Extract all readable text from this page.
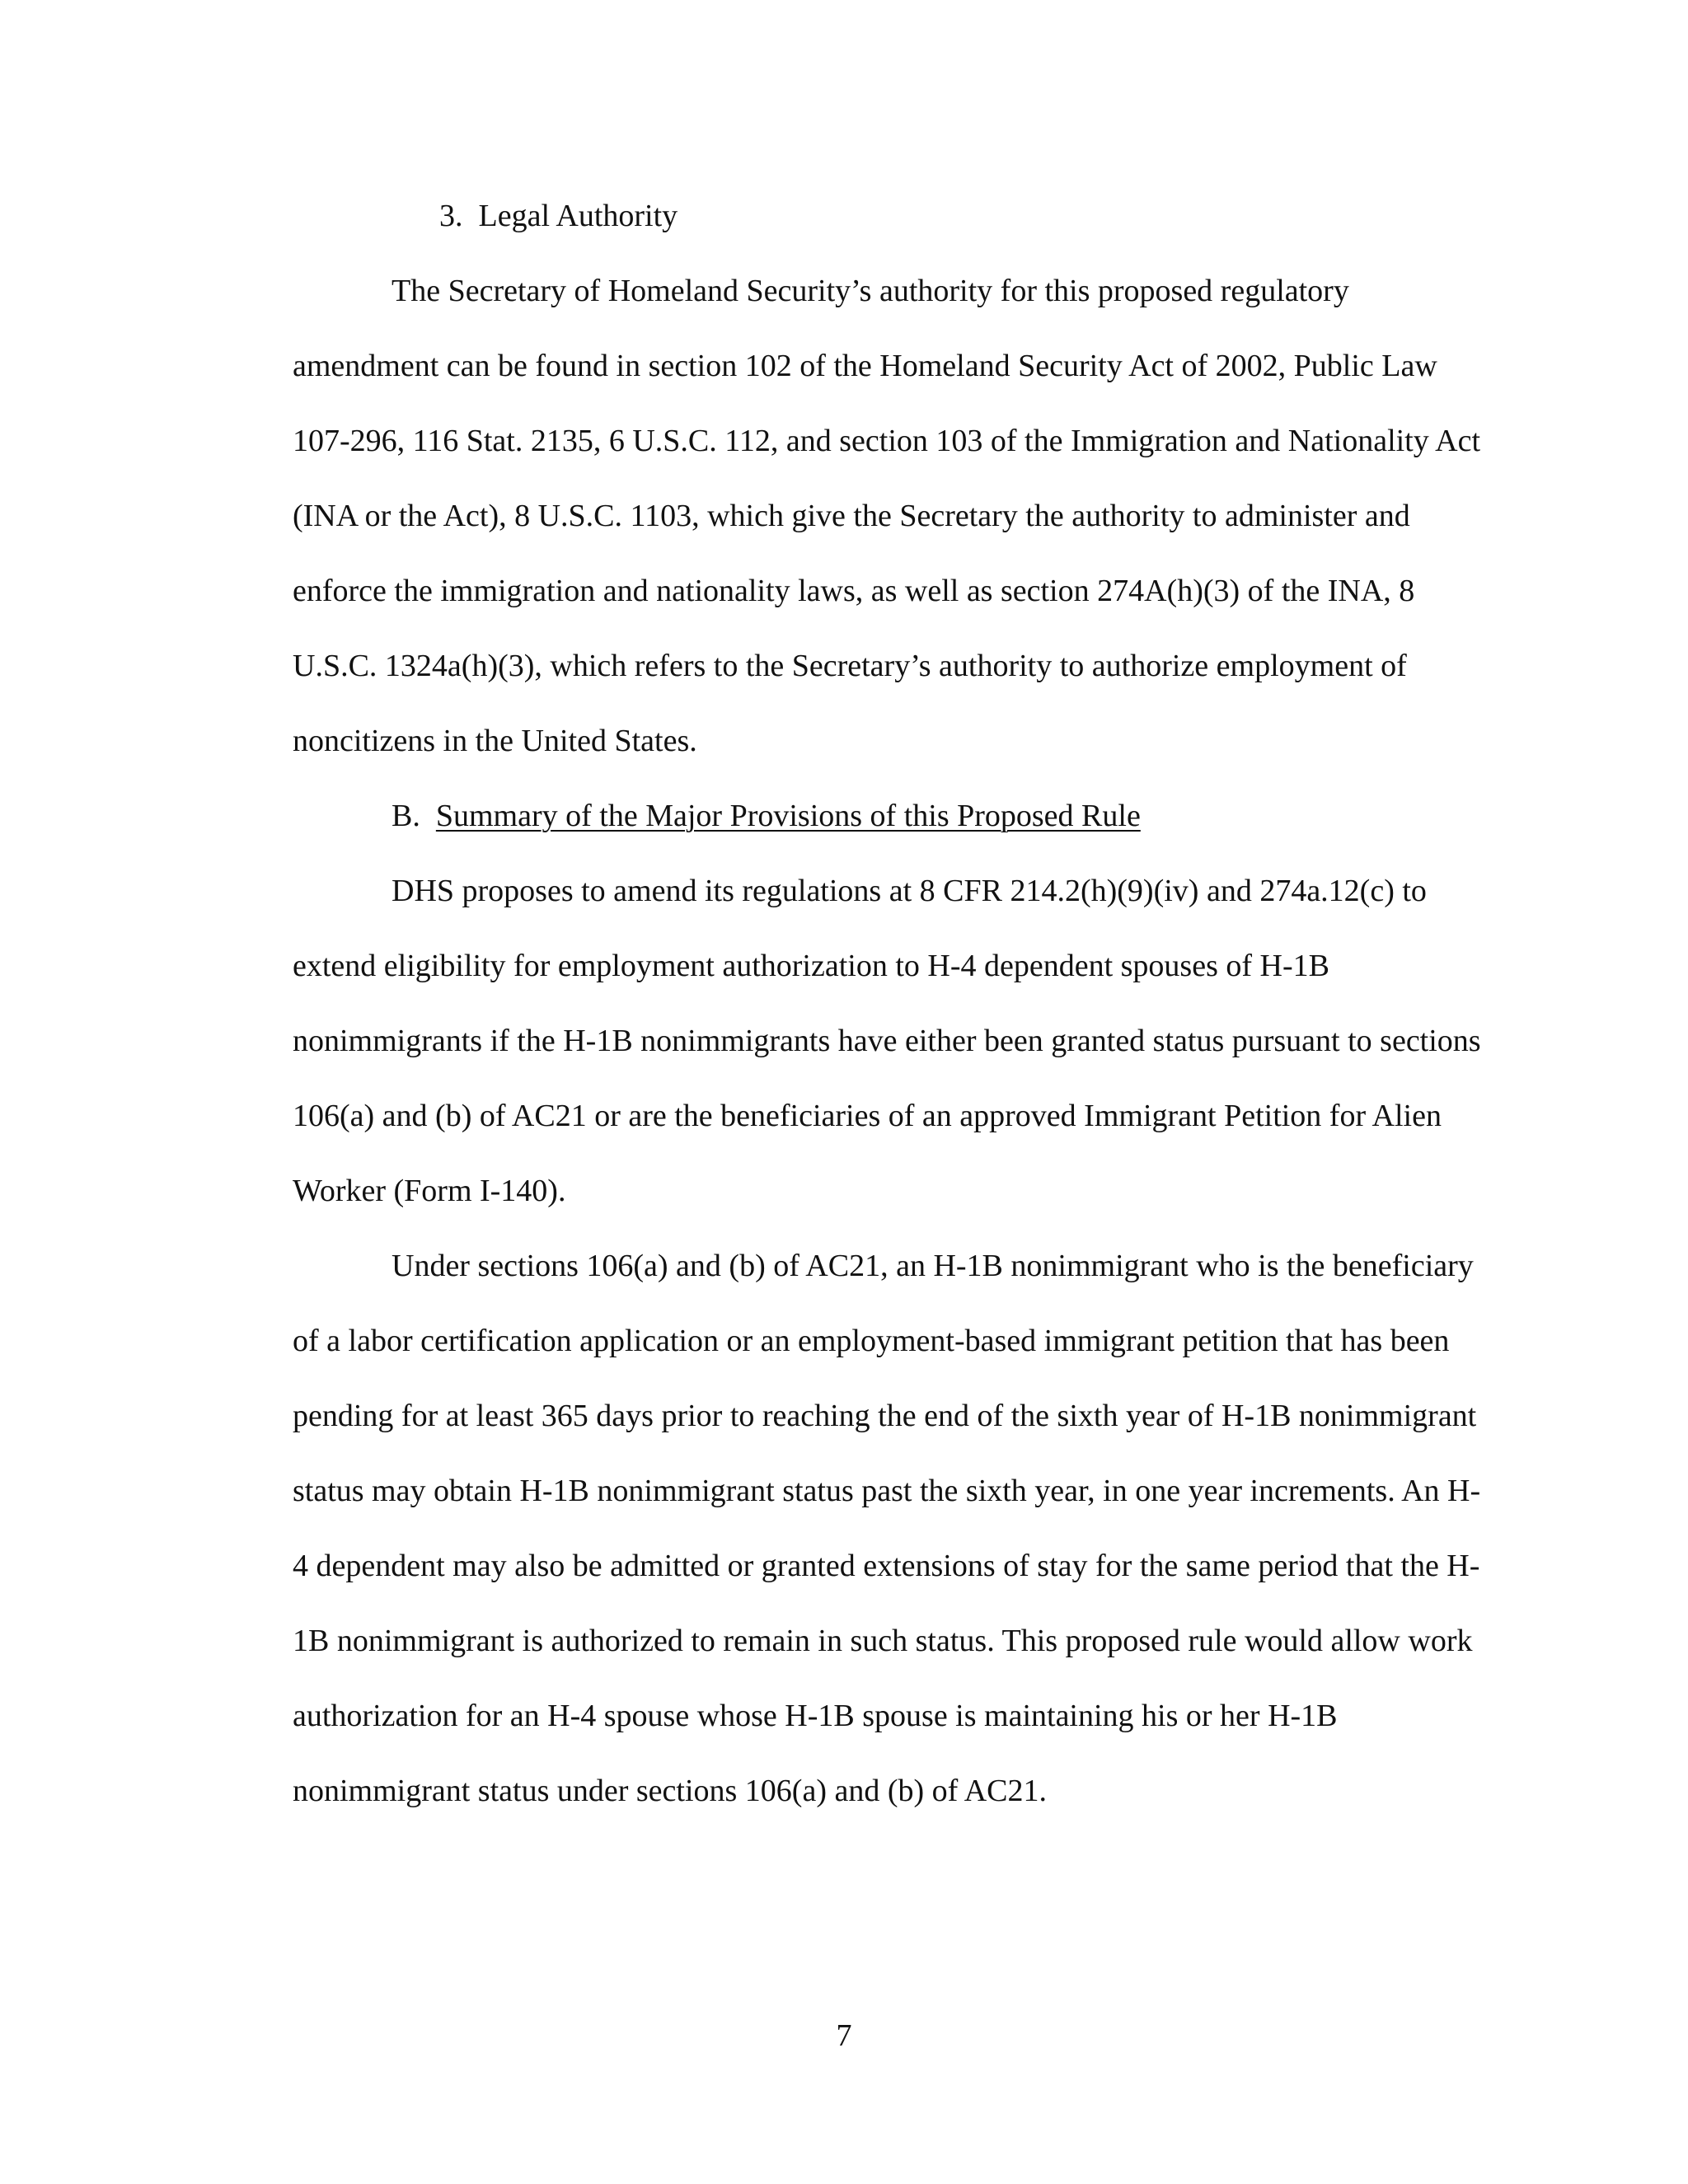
3. Legal Authority

The Secretary of Homeland Security’s authority for this proposed regulatory amendment can be found in section 102 of the Homeland Security Act of 2002, Public Law 107-296, 116 Stat. 2135, 6 U.S.C. 112, and section 103 of the Immigration and Nationality Act (INA or the Act), 8 U.S.C. 1103, which give the Secretary the authority to administer and enforce the immigration and nationality laws, as well as section 274A(h)(3) of the INA, 8 U.S.C. 1324a(h)(3), which refers to the Secretary’s authority to authorize employment of noncitizens in the United States.

B. Summary of the Major Provisions of this Proposed Rule

DHS proposes to amend its regulations at 8 CFR 214.2(h)(9)(iv) and 274a.12(c) to extend eligibility for employment authorization to H-4 dependent spouses of H-1B nonimmigrants if the H-1B nonimmigrants have either been granted status pursuant to sections 106(a) and (b) of AC21 or are the beneficiaries of an approved Immigrant Petition for Alien Worker (Form I-140).

Under sections 106(a) and (b) of AC21, an H-1B nonimmigrant who is the beneficiary of a labor certification application or an employment-based immigrant petition that has been pending for at least 365 days prior to reaching the end of the sixth year of H-1B nonimmigrant status may obtain H-1B nonimmigrant status past the sixth year, in one year increments. An H-4 dependent may also be admitted or granted extensions of stay for the same period that the H-1B nonimmigrant is authorized to remain in such status. This proposed rule would allow work authorization for an H-4 spouse whose H-1B spouse is maintaining his or her H-1B nonimmigrant status under sections 106(a) and (b) of AC21.

7
